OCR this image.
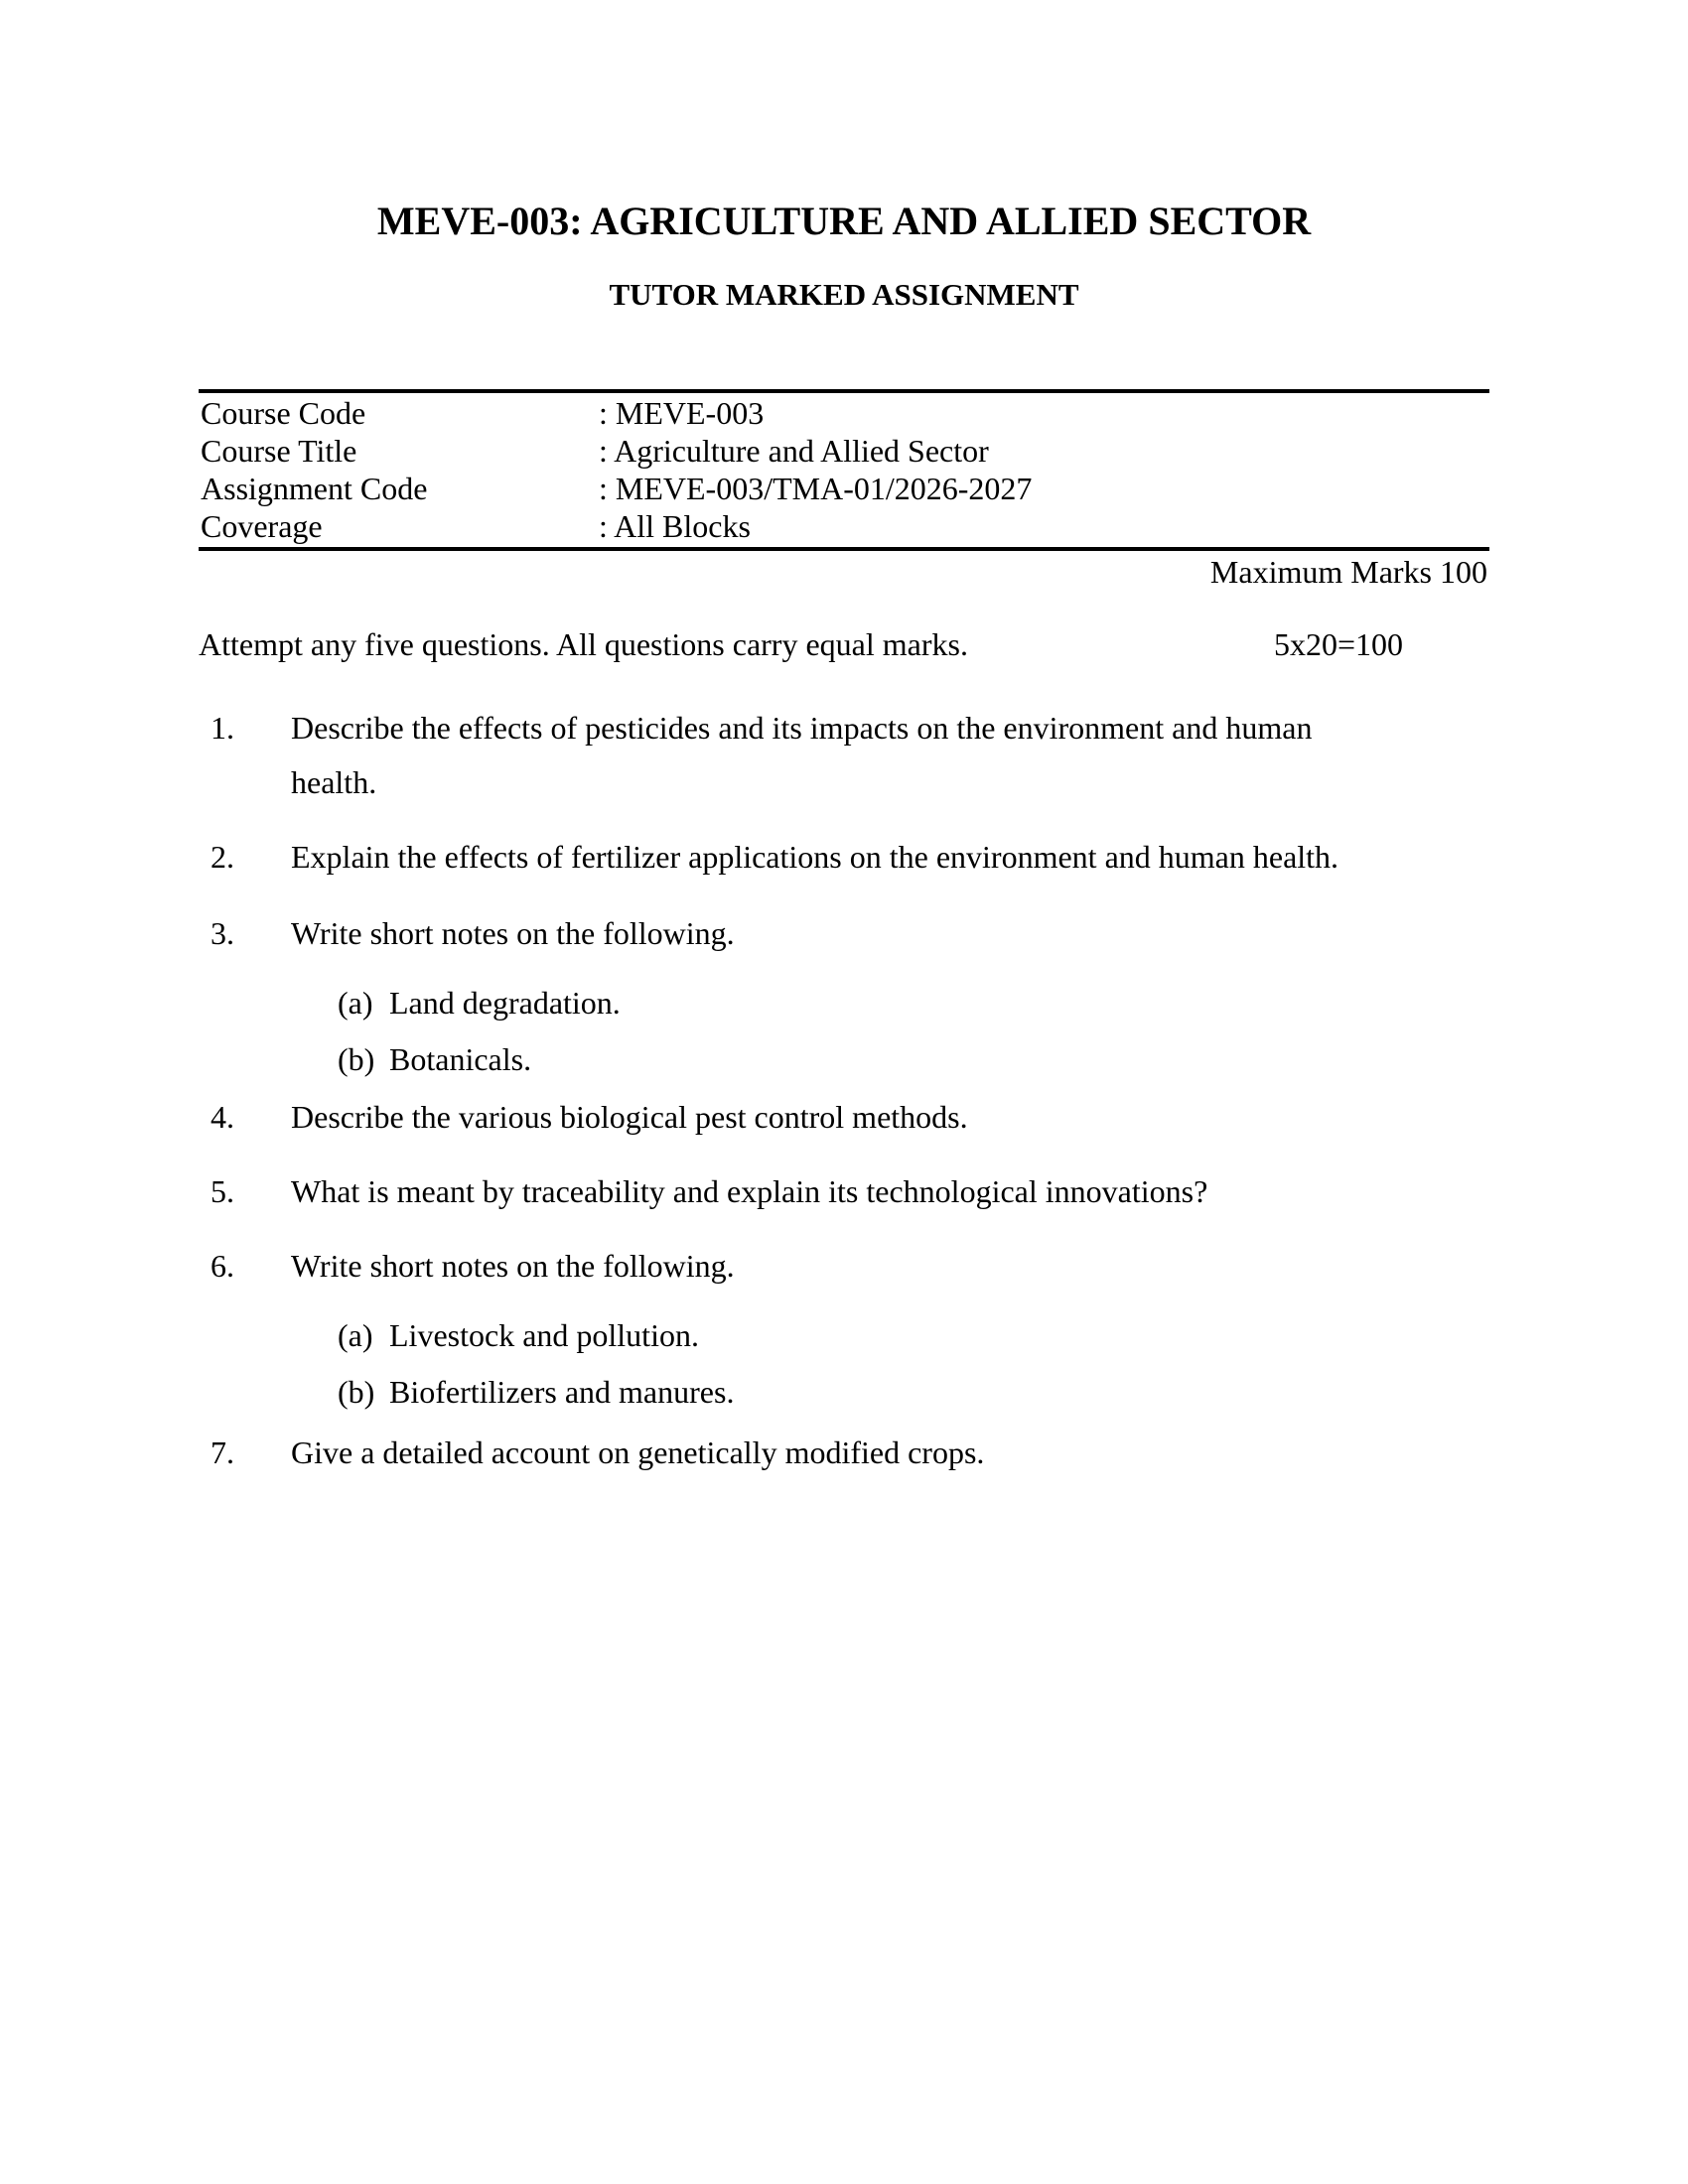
MEVE-003: AGRICULTURE AND ALLIED SECTOR
TUTOR MARKED ASSIGNMENT
Course Code	: MEVE-003
Course Title	: Agriculture and Allied Sector
Assignment Code	: MEVE-003/TMA-01/2026-2027
Coverage	: All Blocks
Maximum Marks 100
Attempt any five questions. All questions carry equal marks.	5x20=100
1.	Describe the effects of pesticides and its impacts on the environment and human
health.
2.	Explain the effects of fertilizer applications on the environment and human health.
3.	Write short notes on the following.
(a) Land degradation.
(b) Botanicals.
4.	Describe the various biological pest control methods.
5.	What is meant by traceability and explain its technological innovations?
6.	Write short notes on the following.
(a) Livestock and pollution.
(b) Biofertilizers and manures.
7.	Give a detailed account on genetically modified crops.
